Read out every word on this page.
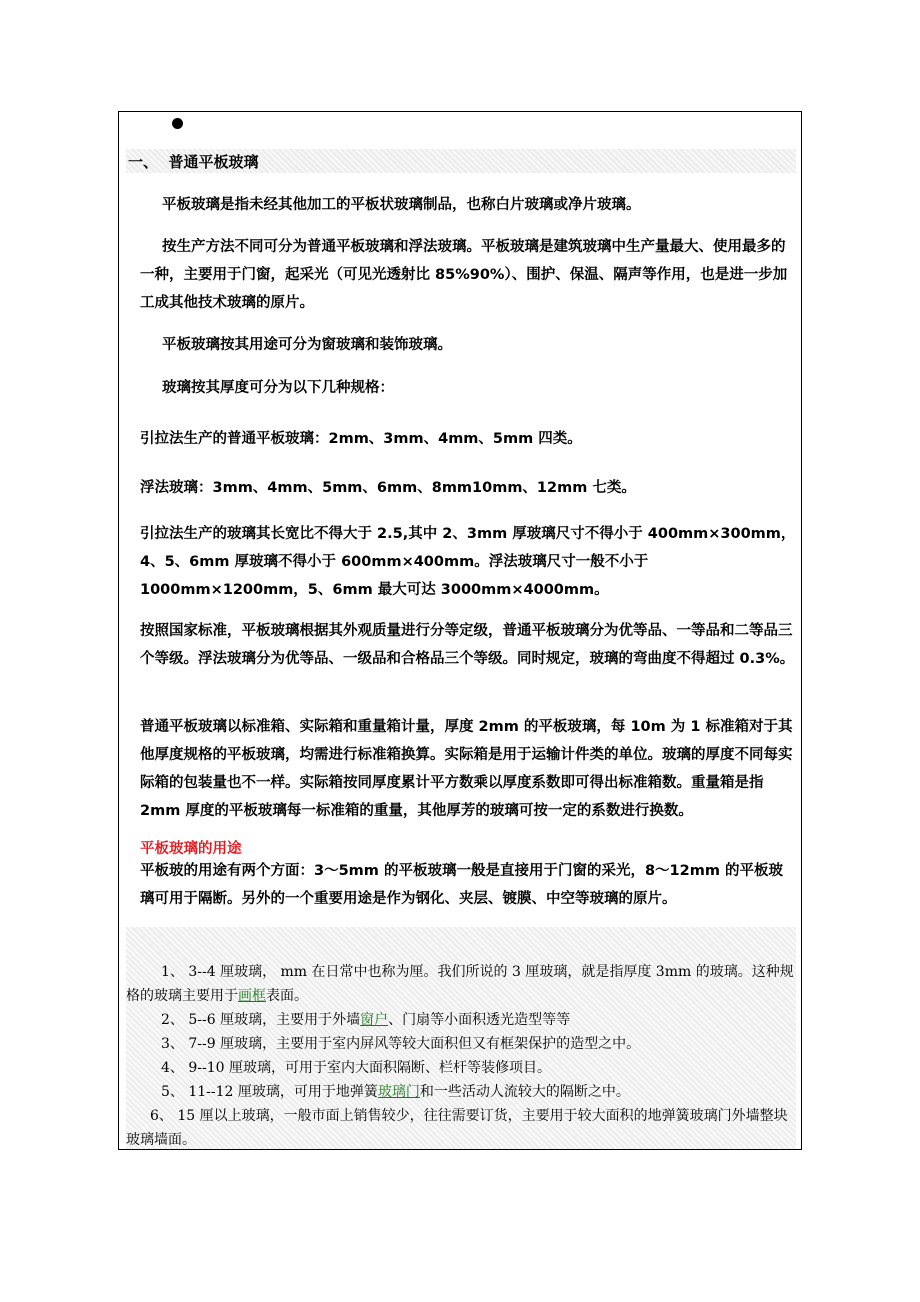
一、  普通平板玻璃

平板玻璃是指未经其他加工的平板状玻璃制品，也称白片玻璃或净片玻璃。

按生产方法不同可分为普通平板玻璃和浮法玻璃。平板玻璃是建筑玻璃中生产量最大、使用最多的一种，主要用于门窗，起采光（可见光透射比 85%90%）、围护、保温、隔声等作用，也是进一步加工成其他技术玻璃的原片。

平板玻璃按其用途可分为窗玻璃和装饰玻璃。

玻璃按其厚度可分为以下几种规格：

引拉法生产的普通平板玻璃：2mm、3mm、4mm、5mm 四类。

浮法玻璃：3mm、4mm、5mm、6mm、8mm10mm、12mm 七类。

引拉法生产的玻璃其长宽比不得大于 2.5,其中 2、3mm 厚玻璃尺寸不得小于 400mm×300mm，4、5、6mm 厚玻璃不得小于 600mm×400mm。浮法玻璃尺寸一般不小于 1000mm×1200mm，5、6mm 最大可达 3000mm×4000mm。

按照国家标准，平板玻璃根据其外观质量进行分等定级，普通平板玻璃分为优等品、一等品和二等品三个等级。浮法玻璃分为优等品、一级品和合格品三个等级。同时规定，玻璃的弯曲度不得超过 0.3%。

普通平板玻璃以标准箱、实际箱和重量箱计量，厚度 2mm 的平板玻璃，每 10m 为 1 标准箱对于其他厚度规格的平板玻璃，均需进行标准箱换算。实际箱是用于运输计件类的单位。玻璃的厚度不同每实际箱的包装量也不一样。实际箱按同厚度累计平方数乘以厚度系数即可得出标准箱数。重量箱是指 2mm 厚度的平板玻璃每一标准箱的重量，其他厚芳的玻璃可按一定的系数进行换数。

平板玻璃的用途

平板玻的用途有两个方面：3～5mm 的平板玻璃一般是直接用于门窗的采光，8～12mm 的平板玻璃可用于隔断。另外的一个重要用途是作为钢化、夹层、镀膜、中空等玻璃的原片。

1、 3--4 厘玻璃， mm 在日常中也称为厘。我们所说的 3 厘玻璃，就是指厚度 3mm 的玻璃。这种规格的玻璃主要用于画框表面。

2、 5--6 厘玻璃，主要用于外墙窗户、门扇等小面积透光造型等等

3、 7--9 厘玻璃，主要用于室内屏风等较大面积但又有框架保护的造型之中。

4、 9--10 厘玻璃，可用于室内大面积隔断、栏杆等装修项目。

5、 11--12 厘玻璃，可用于地弹簧玻璃门和一些活动人流较大的隔断之中。

6、 15 厘以上玻璃，一般市面上销售较少，往往需要订货，主要用于较大面积的地弹簧玻璃门外墙整块玻璃墙面。
